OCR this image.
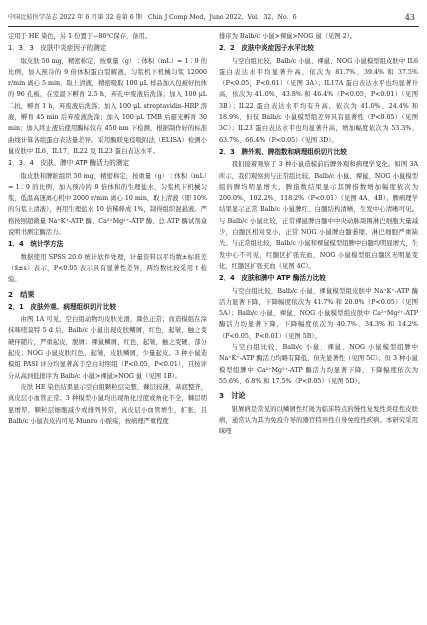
中国比较医学杂志 2022 年 6 月第 32 卷第 6 期　Chin J Comp Med，June 2022，Vol．32，No．6	43

定用于 HE 染色，另 1 份置于−80℃保存，备用。

1．3．3　皮肤中炎症因子的测定

取皮肤 50 mg，精密称定，按重量（g）∶体积（mL）= 1∶9 的比例，加入预冷的 9 倍体积蛋白裂解液，匀浆机下机械匀浆 12000 r/min 离心 5 min，取上清液，精密吸取 100 μL 样品加入包被好抗体的 96 孔板，在室温下孵育 2.5 h，弃孔中废液后洗涤；加入 100 μL 二抗，孵育 1 h，弃废液后洗涤；加入 100 μL streptavidin-HRP 溶液，孵育 45 min 后弃废液洗涤；加入 100 μL TMB 后避光孵育 30 min；加入终止液后使用酶标仪在 450 nm 下检测，根据制作好的标准曲线计算各组蛋白表达量差异。采用酶联免疫吸附法（ELISA）检测小鼠皮肤中 IL6、IL17、IL22 及 IL23 蛋白表达水平。

1．3．4　皮肤、脾中 ATP 酶活力的测定

取皮肤和脾脏组织 50 mg，精密称定，按重量（g）∶体积（mL）= 1∶9 的比例，加入预冷的 9 倍体积的生理盐水，匀浆机下机械匀浆，低温高速离心机中 2000 r/min 离心 10 min，取上清液（即 10% 的匀浆上清液），再用生理盐水 10 倍稀释成 1%，制得组织混悬液。严格按照超微量 Na⁺K⁺-ATP 酶、Ca²⁺Mg²⁺-ATP 酶、总 ATP 酶试剂盒说明书测定酶活力。

1．4　统计学方法

数据使用 SPSS 20.0 统计软件处理，计量资料以平均数±标准差（x̄±s）表示，P<0.05 表示具有显著性差异，两均数比较采用 t 检验。

2　结果
2．1　皮肤外观、病理组织切片比较

由图 1A 可见，空白组动物均皮肤光滑，颜色正常；而造模组在涂抹咪喹莫特 5 d 后，Balb/c 小鼠出现皮肤鳞屑，红色，起皱，触之变硬伴随片，严重起皮，脱屑；裸鼠鳞屑，红色，起皱，触之变硬，部分起皮；NOG 小鼠皮肤红色，起皱，皮肤鳞屑，少量起皮。3 种小鼠造模组 PASI 评分均显著高于空白对照组（P<0.05，P<0.01），且按评分从高到低排序为 Balb/c 小鼠>裸鼠>NOG 鼠（见图 1B）。

皮肤 HE 染色结果显示空白组颗粒层完整，棘层较薄，基底整齐，真皮层小血管正常；3 种模型小鼠均出现角化过度或角化不全，棘层明显增厚，颗粒层细胞减少或排列异常，真皮层小血管增生，扩张，且 Balb/c 小鼠表皮内可见 Munro 小脓疡，按病理严重程度

排序为 Balb/c 小鼠>裸鼠>NOG 鼠（见图 2）。

2．2　皮肤中炎症因子水平比较

与空白组比较，Balb/c 小鼠、裸鼠、NOG 小鼠模型组皮肤中 IL6 蛋白表达水平均显著升高，依次为 81.7%、39.4% 和 37.5%（P<0.05，P<0.01）（见图 3A）；IL17A 蛋白表达水平也均显著升高，依次为 41.0%、43.8% 和 46.4%（P<0.05，P<0.01）（见图 3B）；IL22 蛋白表达水平均有升高，依次为 41.0%、24.4% 和 18.9%，但仅 Balb/c 小鼠模型组差异具有显著性（P<0.05）（见图 3C）；IL23 蛋白表达水平也均显著升高，增加幅度依次为 53.3%、63.7%、66.4%（P<0.05）（见图 3D）。

2．3　脾外观、脾指数和病理组织切片比较

我们接着观察了 3 种小鼠造模前后脾外观和病理学变化。如图 3A 所示，我们观察到与正常组比较，Balb/c 小鼠、裸鼠、NOG 小鼠模型组的脾均明显增大，脾指数结果显示其脾指数增加幅度依次为 200.0%、102.2%、118.2%（P<0.01）（见图 4A、4B）。脾病理学结果显示正常 Balb/c 小鼠脾红、白髓结构清晰，生发中心清晰可见。与 Balb/c 小鼠比较，正常裸鼠脾白髓中中央动脉周围淋巴细胞大量减少，白髓区相对变小，正常 NOG 小鼠脾白髓萎缩，淋巴细胞严重缺失。与正常组比较，Balb/c 小鼠和裸鼠模型组脾中白髓均明显增大，生发中心不可见，红髓区扩张充血，NOG 小鼠模型组白髓区无明显变化，红髓区扩张充血（见图 4C）。

2．4　皮肤和脾中 ATP 酶活力比较

与空白组比较，Balb/c 小鼠、裸鼠模型组皮肤中 Na⁺K⁺-ATP 酶活力显著下降，下降幅度依次为 41.7% 和 20.0%（P<0.05）（见图 5A）；Balb/c 小鼠、裸鼠、NOG 小鼠模型组皮肤中 Ca²⁺Mg²⁺-ATP 酶活力均显著下降，下降幅度依次为 40.7%、34.3% 和 14.2%（P<0.05，P<0.01）（见图 5B）。

与空白组比较，Balb/c 小鼠、裸鼠、NOG 小鼠模型组脾中 Na⁺K⁺-ATP 酶活力均略有降低，但无显著性（见图 5C）；但 3 种小鼠模型组脾中 Ca²⁺Mg²⁺-ATP 酶活力均显著下降，下降幅度依次为 55.6%、6.8% 和 17.5%（P<0.05）（见图 5D）。

3　讨论

银屑病是常见的以鳞屑性红斑为临床特点的慢性复发性炎症性皮肤病，通常认为其为免疫介导的器官特异性自身免疫性疾病。本研究采用咪喹
